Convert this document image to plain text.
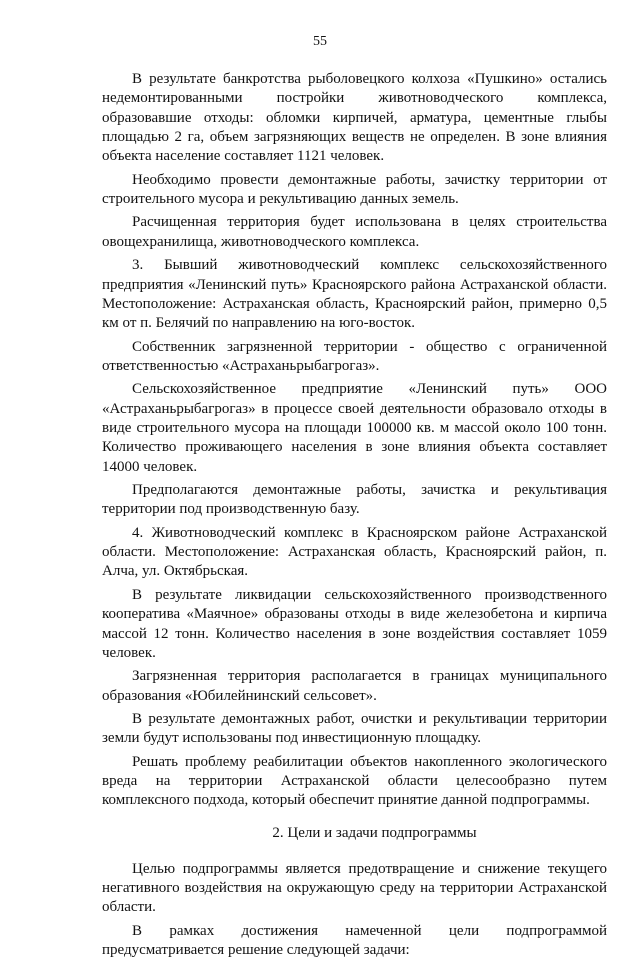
55

В результате банкротства рыболовецкого колхоза «Пушкино» остались недемонтированными постройки животноводческого комплекса, образовавшие отходы: обломки кирпичей, арматура, цементные глыбы площадью 2 га, объем загрязняющих веществ не определен. В зоне влияния объекта население составляет 1121 человек.

Необходимо провести демонтажные работы, зачистку территории от строительного мусора и рекультивацию данных земель.

Расчищенная территория будет использована в целях строительства овощехранилища, животноводческого комплекса.

3. Бывший животноводческий комплекс сельскохозяйственного предприятия «Ленинский путь» Красноярского района Астраханской области. Местоположение: Астраханская область, Красноярский район, примерно 0,5 км от п. Белячий по направлению на юго-восток.

Собственник загрязненной территории - общество с ограниченной ответственностью «Астраханьрыбагрогаз».

Сельскохозяйственное предприятие «Ленинский путь» ООО «Астраханьрыбагрогаз» в процессе своей деятельности образовало отходы в виде строительного мусора на площади 100000 кв. м массой около 100 тонн. Количество проживающего населения в зоне влияния объекта составляет 14000 человек.

Предполагаются демонтажные работы, зачистка и рекультивация территории под производственную базу.

4. Животноводческий комплекс в Красноярском районе Астраханской области. Местоположение: Астраханская область, Красноярский район, п. Алча, ул. Октябрьская.

В результате ликвидации сельскохозяйственного производственного кооператива «Маячное» образованы отходы в виде железобетона и кирпича массой 12 тонн. Количество населения в зоне воздействия составляет 1059 человек.

Загрязненная территория располагается в границах муниципального образования «Юбилейнинский сельсовет».

В результате демонтажных работ, очистки и рекультивации территории земли будут использованы под инвестиционную площадку.

Решать проблему реабилитации объектов накопленного экологического вреда на территории Астраханской области целесообразно путем комплексного подхода, который обеспечит принятие данной подпрограммы.

2. Цели и задачи подпрограммы

Целью подпрограммы является предотвращение и снижение текущего негативного воздействия на окружающую среду на территории Астраханской области.

В рамках достижения намеченной цели подпрограммой предусматривается решение следующей задачи:
